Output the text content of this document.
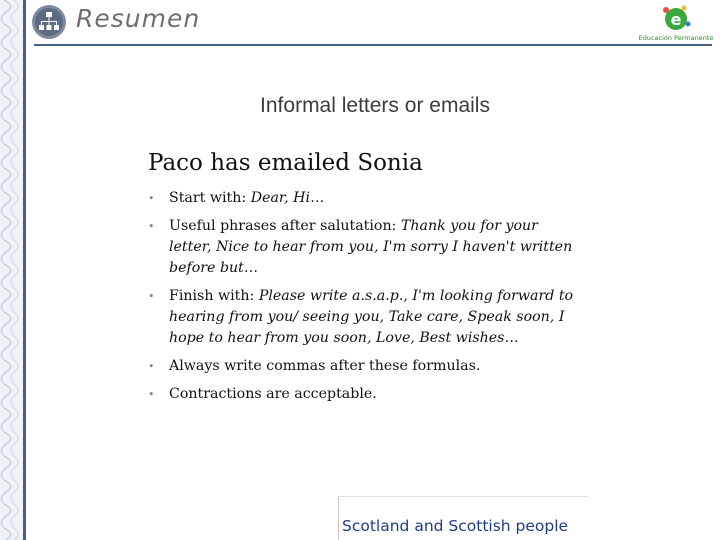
Resumen	e
Educación Permanente
Informal letters or emails
Paco has emailed Sonia
• Start with: Dear, Hi…
• Useful phrases after salutation: Thank you for your letter, Nice to hear from you, I'm sorry I haven't written before but…
• Finish with: Please write a.s.a.p., I'm looking forward to hearing from you/ seeing you, Take care, Speak soon, I hope to hear from you soon, Love, Best wishes…
• Always write commas after these formulas.
• Contractions are acceptable.
Scotland and Scottish people
